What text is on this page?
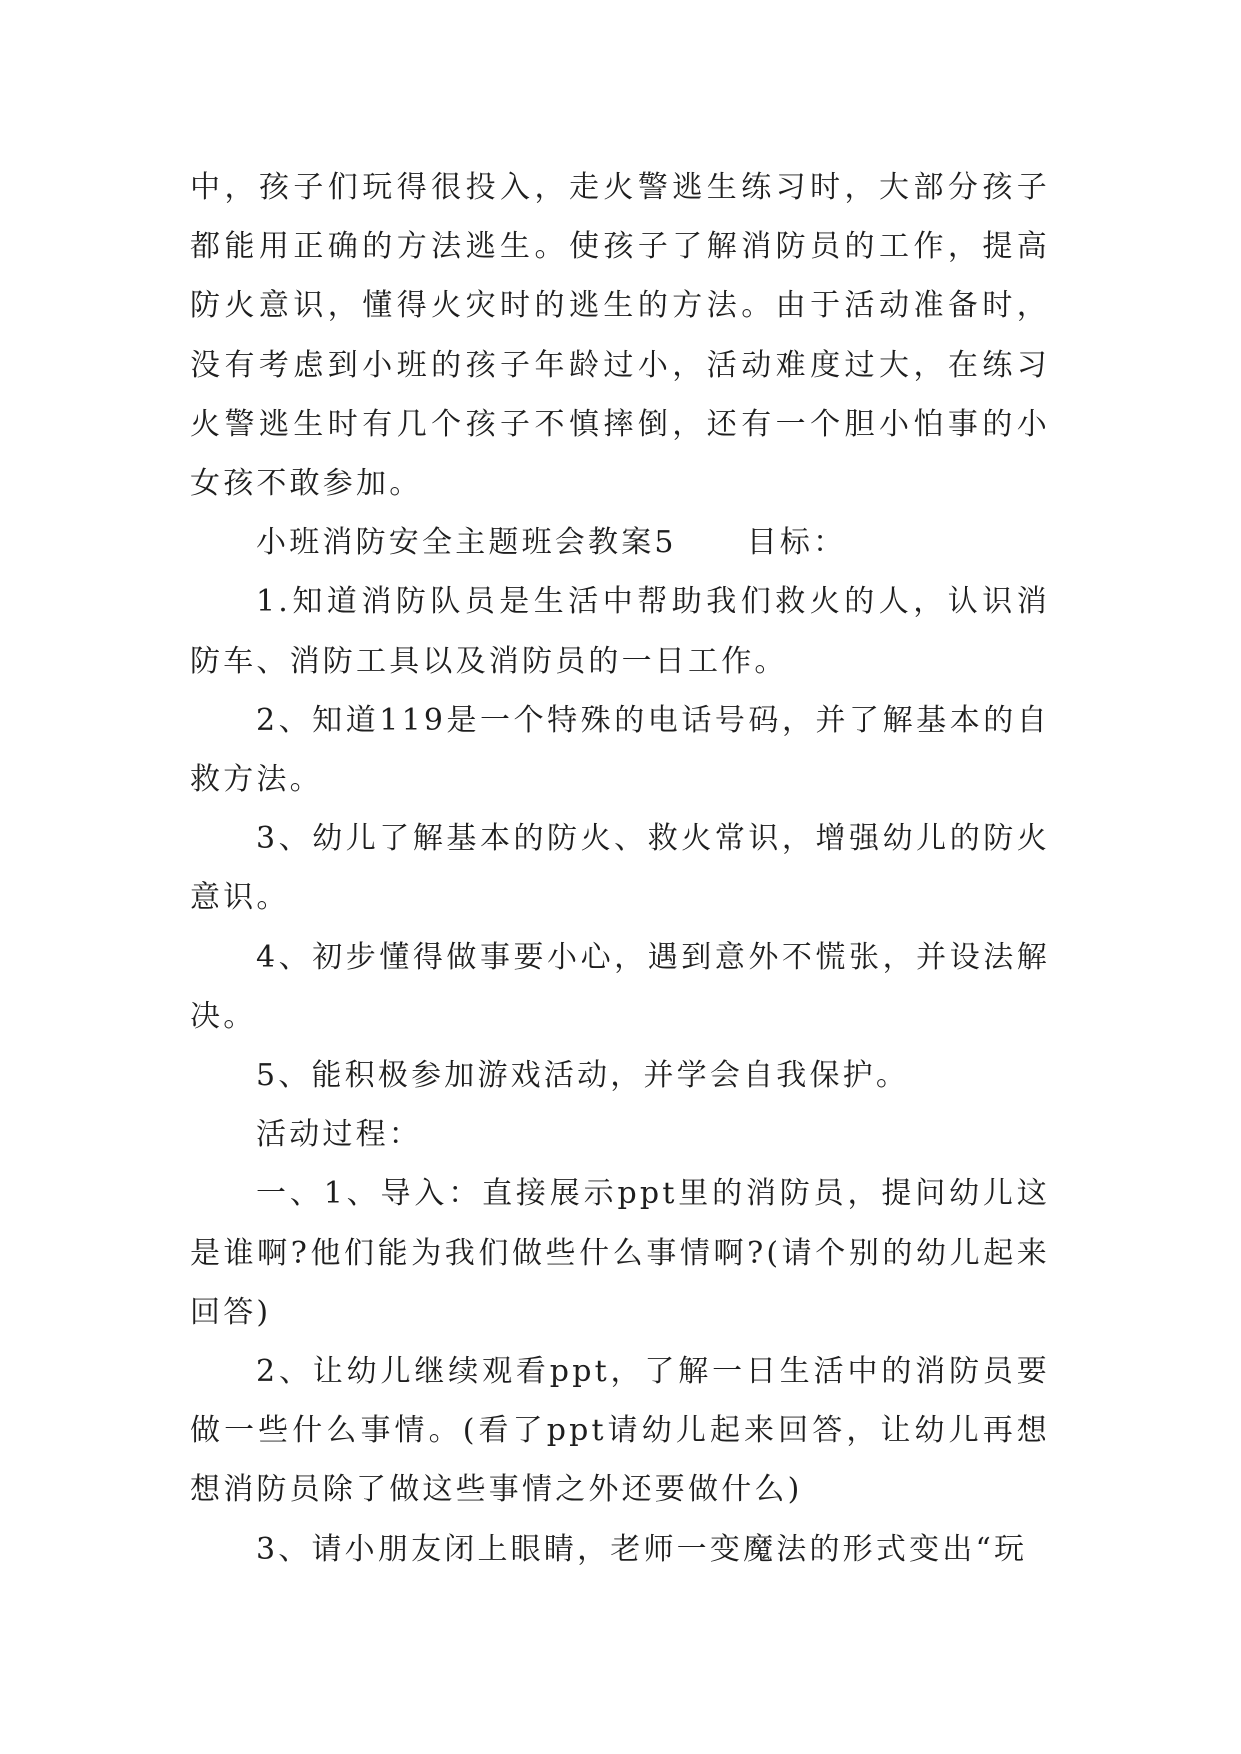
中，孩子们玩得很投入，走火警逃生练习时，大部分孩子都能用正确的方法逃生。使孩子了解消防员的工作，提高防火意识，懂得火灾时的逃生的方法。由于活动准备时，没有考虑到小班的孩子年龄过小，活动难度过大，在练习火警逃生时有几个孩子不慎摔倒，还有一个胆小怕事的小女孩不敢参加。

小班消防安全主题班会教案5 目标：

1.知道消防队员是生活中帮助我们救火的人，认识消防车、消防工具以及消防员的一日工作。

2、知道119是一个特殊的电话号码，并了解基本的自救方法。

3、幼儿了解基本的防火、救火常识，增强幼儿的防火意识。

4、初步懂得做事要小心，遇到意外不慌张，并设法解决。

5、能积极参加游戏活动，并学会自我保护。

活动过程：

一、1、导入：直接展示ppt里的消防员，提问幼儿这是谁啊?他们能为我们做些什么事情啊?(请个别的幼儿起来回答)

2、让幼儿继续观看ppt，了解一日生活中的消防员要做一些什么事情。(看了ppt请幼儿起来回答，让幼儿再想想消防员除了做这些事情之外还要做什么)

3、请小朋友闭上眼睛，老师一变魔法的形式变出“玩
